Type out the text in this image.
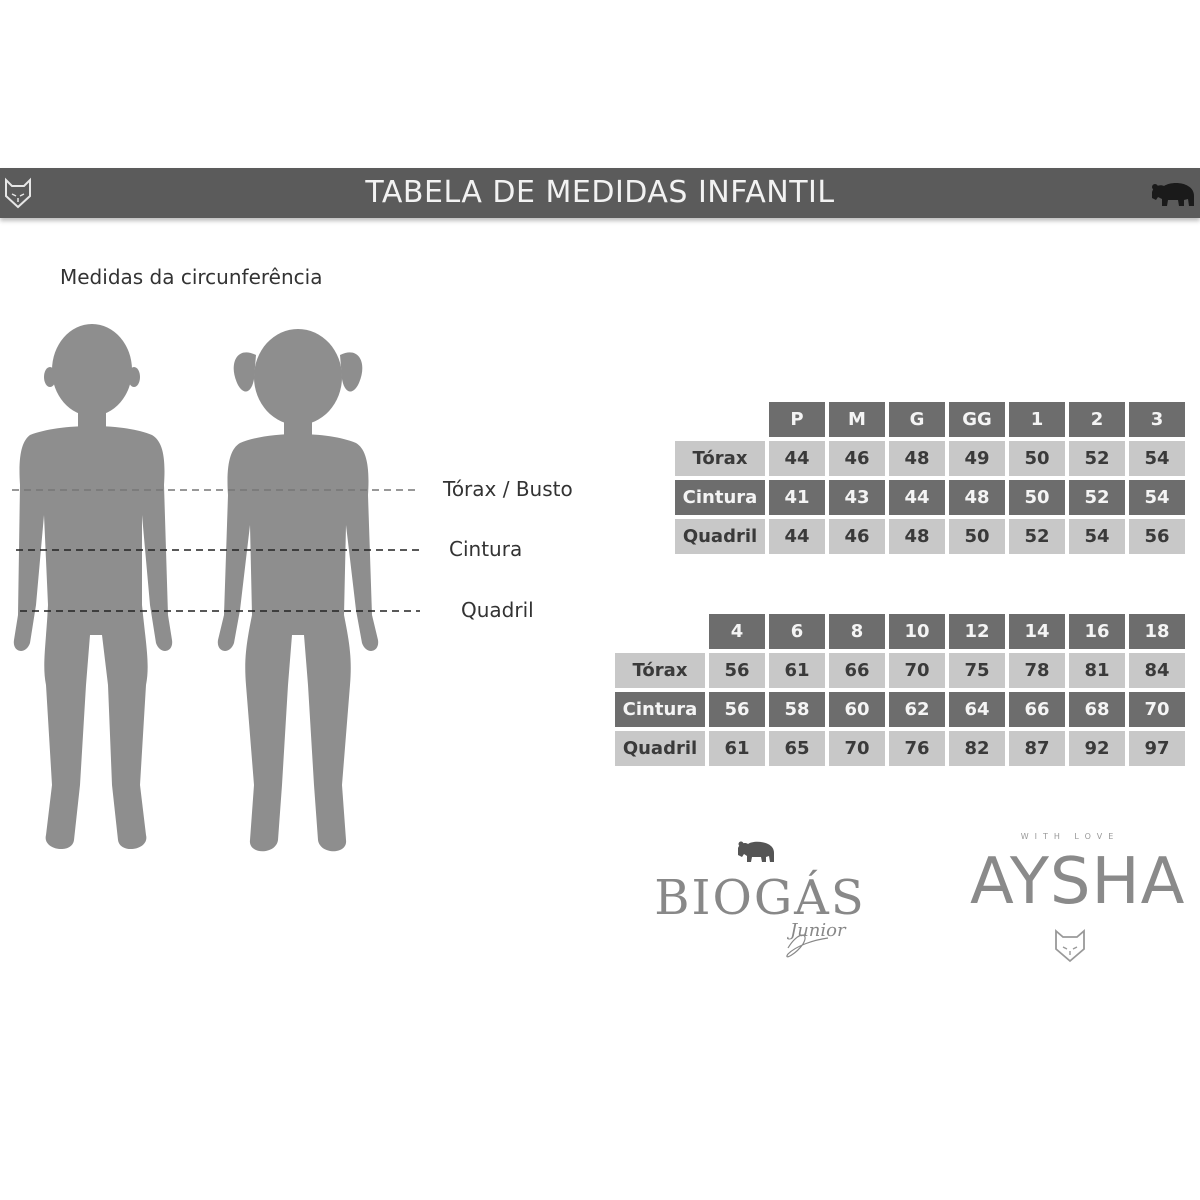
TABELA DE MEDIDAS INFANTIL
Medidas da circunferência
Tórax / Busto
Cintura
Quadril
	P	M	G	GG	1	2	3
Tórax	44	46	48	49	50	52	54
Cintura	41	43	44	48	50	52	54
Quadril	44	46	48	50	52	54	56
	4	6	8	10	12	14	16	18
Tórax	56	61	66	70	75	78	81	84
Cintura	56	58	60	62	64	66	68	70
Quadril	61	65	70	76	82	87	92	97
BIOGÁS
Junior
WITH LOVE
AYSHA
